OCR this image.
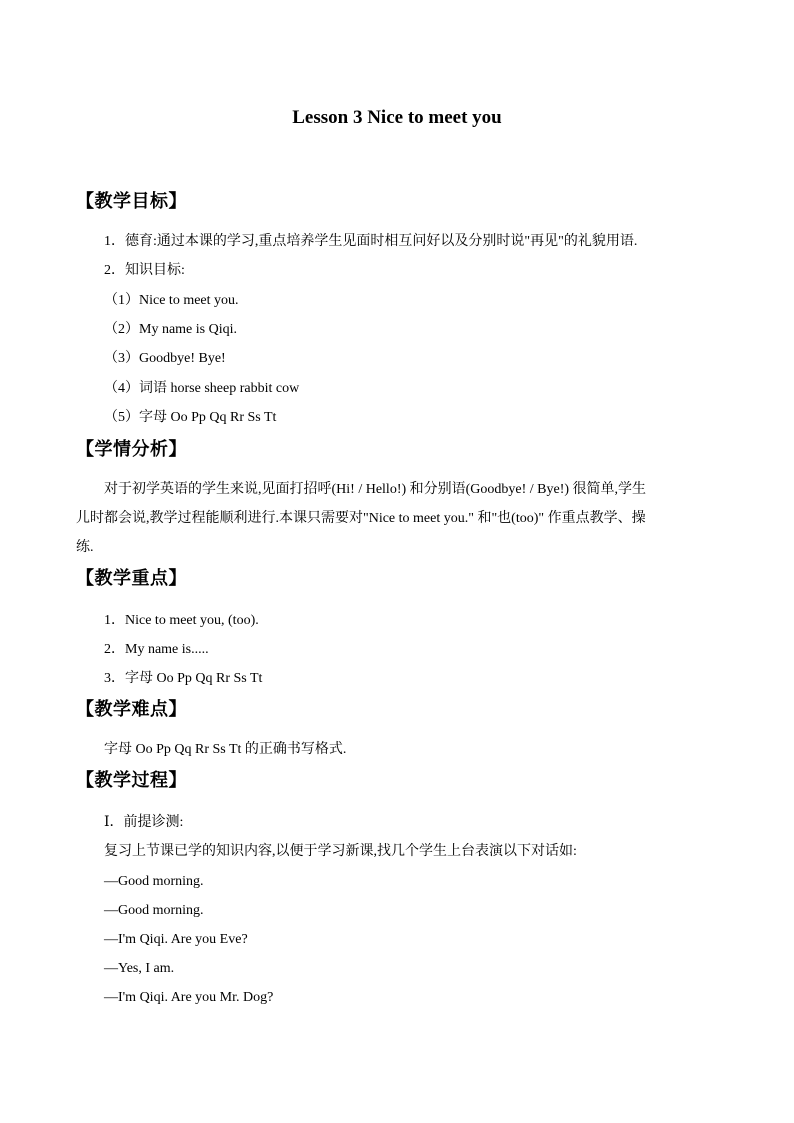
Lesson 3 Nice to meet you
【教学目标】
1．德育:通过本课的学习,重点培养学生见面时相互问好以及分别时说"再见"的礼貌用语.
2．知识目标:
（1）Nice to meet you.
（2）My name is Qiqi.
（3）Goodbye! Bye!
（4）词语 horse sheep rabbit cow
（5）字母 Oo Pp Qq Rr Ss Tt
【学情分析】
对于初学英语的学生来说,见面打招呼(Hi! / Hello!) 和分别语(Goodbye! / Bye!) 很简单,学生
儿时都会说,教学过程能顺利进行.本课只需要对"Nice to meet you." 和"也(too)" 作重点教学、操
练.
【教学重点】
1．Nice to meet you, (too).
2．My name is.....
3．字母 Oo Pp Qq Rr Ss Tt
【教学难点】
字母 Oo Pp Qq Rr Ss Tt 的正确书写格式.
【教学过程】
Ⅰ．前提诊测:
复习上节课已学的知识内容,以便于学习新课,找几个学生上台表演以下对话如:
—Good morning.
—Good morning.
—I'm Qiqi. Are you Eve?
—Yes, I am.
—I'm Qiqi. Are you Mr. Dog?
